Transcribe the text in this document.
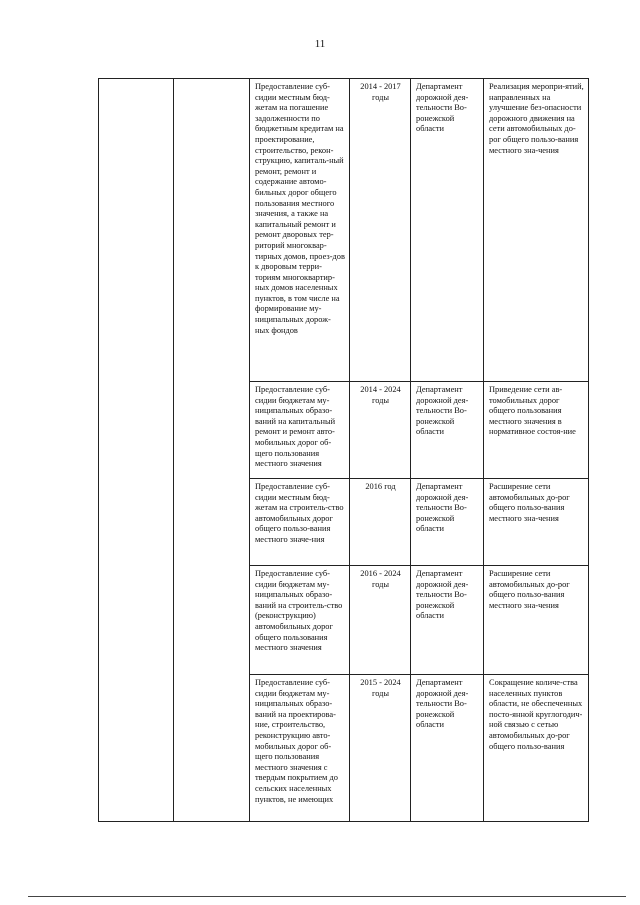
11

		Предоставление суб-сидии местным бюд-жетам на погашение задолженности по бюджетным кредитам на проектирование, строительство, рекон-струкцию, капиталь-ный ремонт, ремонт и содержание автомо-бильных дорог общего пользования местного значения, а также на капитальный ремонт и ремонт дворовых тер-риторий многоквар-тирных домов, проез-дов к дворовым терри-ториям многоквартир-ных домов населенных пунктов, в том числе на формирование му-ниципальных дорож-ных фондов	2014 - 2017 годы	Департамент дорожной дея-тельности Во-ронежской области	Реализация меропри-ятий, направленных на улучшение без-опасности дорожного движения на сети автомобильных до-рог общего пользо-вания местного зна-чения

		Предоставление суб-сидии бюджетам му-ниципальных образо-ваний на капитальный ремонт и ремонт авто-мобильных дорог об-щего пользования местного значения	2014 - 2024 годы	Департамент дорожной дея-тельности Во-ронежской области	Приведение сети ав-томобильных дорог общего пользования местного значения в нормативное состоя-ние

		Предоставление суб-сидии местным бюд-жетам на строитель-ство автомобильных дорог общего пользо-вания местного значе-ния	2016 год	Департамент дорожной дея-тельности Во-ронежской области	Расширение сети автомобильных до-рог общего пользо-вания местного зна-чения

		Предоставление суб-сидии бюджетам му-ниципальных образо-ваний на строитель-ство (реконструкцию) автомобильных дорог общего пользования местного значения	2016 - 2024 годы	Департамент дорожной дея-тельности Во-ронежской области	Расширение сети автомобильных до-рог общего пользо-вания местного зна-чения

		Предоставление суб-сидии бюджетам му-ниципальных образо-ваний на проектирова-ние, строительство, реконструкцию авто-мобильных дорог об-щего пользования местного значения с твердым покрытием до сельских населенных пунктов, не имеющих	2015 - 2024 годы	Департамент дорожной дея-тельности Во-ронежской области	Сокращение количе-ства населенных пунктов области, не обеспеченных посто-янной круглогодич-ной связью с сетью автомобильных до-рог общего пользо-вания
